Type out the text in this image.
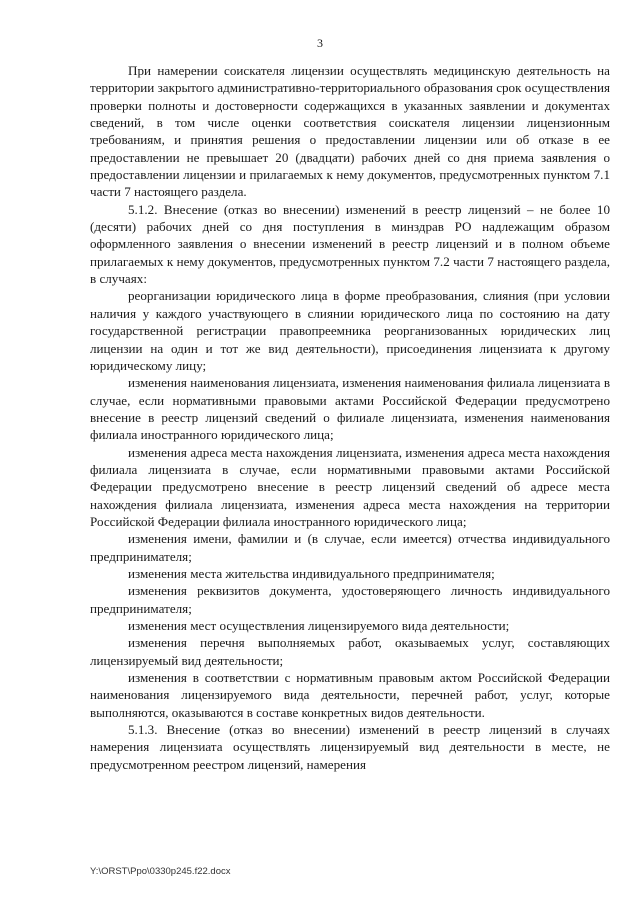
3

При намерении соискателя лицензии осуществлять медицинскую деятельность на территории закрытого административно-территориального образования срок осуществления проверки полноты и достоверности содержащихся в указанных заявлении и документах сведений, в том числе оценки соответствия соискателя лицензии лицензионным требованиям, и принятия решения о предоставлении лицензии или об отказе в ее предоставлении не превышает 20 (двадцати) рабочих дней со дня приема заявления о предоставлении лицензии и прилагаемых к нему документов, предусмотренных пунктом 7.1 части 7 настоящего раздела.

5.1.2. Внесение (отказ во внесении) изменений в реестр лицензий – не более 10 (десяти) рабочих дней со дня поступления в минздрав РО надлежащим образом оформленного заявления о внесении изменений в реестр лицензий и в полном объеме прилагаемых к нему документов, предусмотренных пунктом 7.2 части 7 настоящего раздела, в случаях:

реорганизации юридического лица в форме преобразования, слияния (при условии наличия у каждого участвующего в слиянии юридического лица по состоянию на дату государственной регистрации правопреемника реорганизованных юридических лиц лицензии на один и тот же вид деятельности), присоединения лицензиата к другому юридическому лицу;

изменения наименования лицензиата, изменения наименования филиала лицензиата в случае, если нормативными правовыми актами Российской Федерации предусмотрено внесение в реестр лицензий сведений о филиале лицензиата, изменения наименования филиала иностранного юридического лица;

изменения адреса места нахождения лицензиата, изменения адреса места нахождения филиала лицензиата в случае, если нормативными правовыми актами Российской Федерации предусмотрено внесение в реестр лицензий сведений об адресе места нахождения филиала лицензиата, изменения адреса места нахождения на территории Российской Федерации филиала иностранного юридического лица;

изменения имени, фамилии и (в случае, если имеется) отчества индивидуального предпринимателя;

изменения места жительства индивидуального предпринимателя;

изменения реквизитов документа, удостоверяющего личность индивидуального предпринимателя;

изменения мест осуществления лицензируемого вида деятельности;

изменения перечня выполняемых работ, оказываемых услуг, составляющих лицензируемый вид деятельности;

изменения в соответствии с нормативным правовым актом Российской Федерации наименования лицензируемого вида деятельности, перечней работ, услуг, которые выполняются, оказываются в составе конкретных видов деятельности.

5.1.3. Внесение (отказ во внесении) изменений в реестр лицензий в случаях намерения лицензиата осуществлять лицензируемый вид деятельности в месте, не предусмотренном реестром лицензий, намерения

Y:\ORST\Ppo\0330p245.f22.docx
